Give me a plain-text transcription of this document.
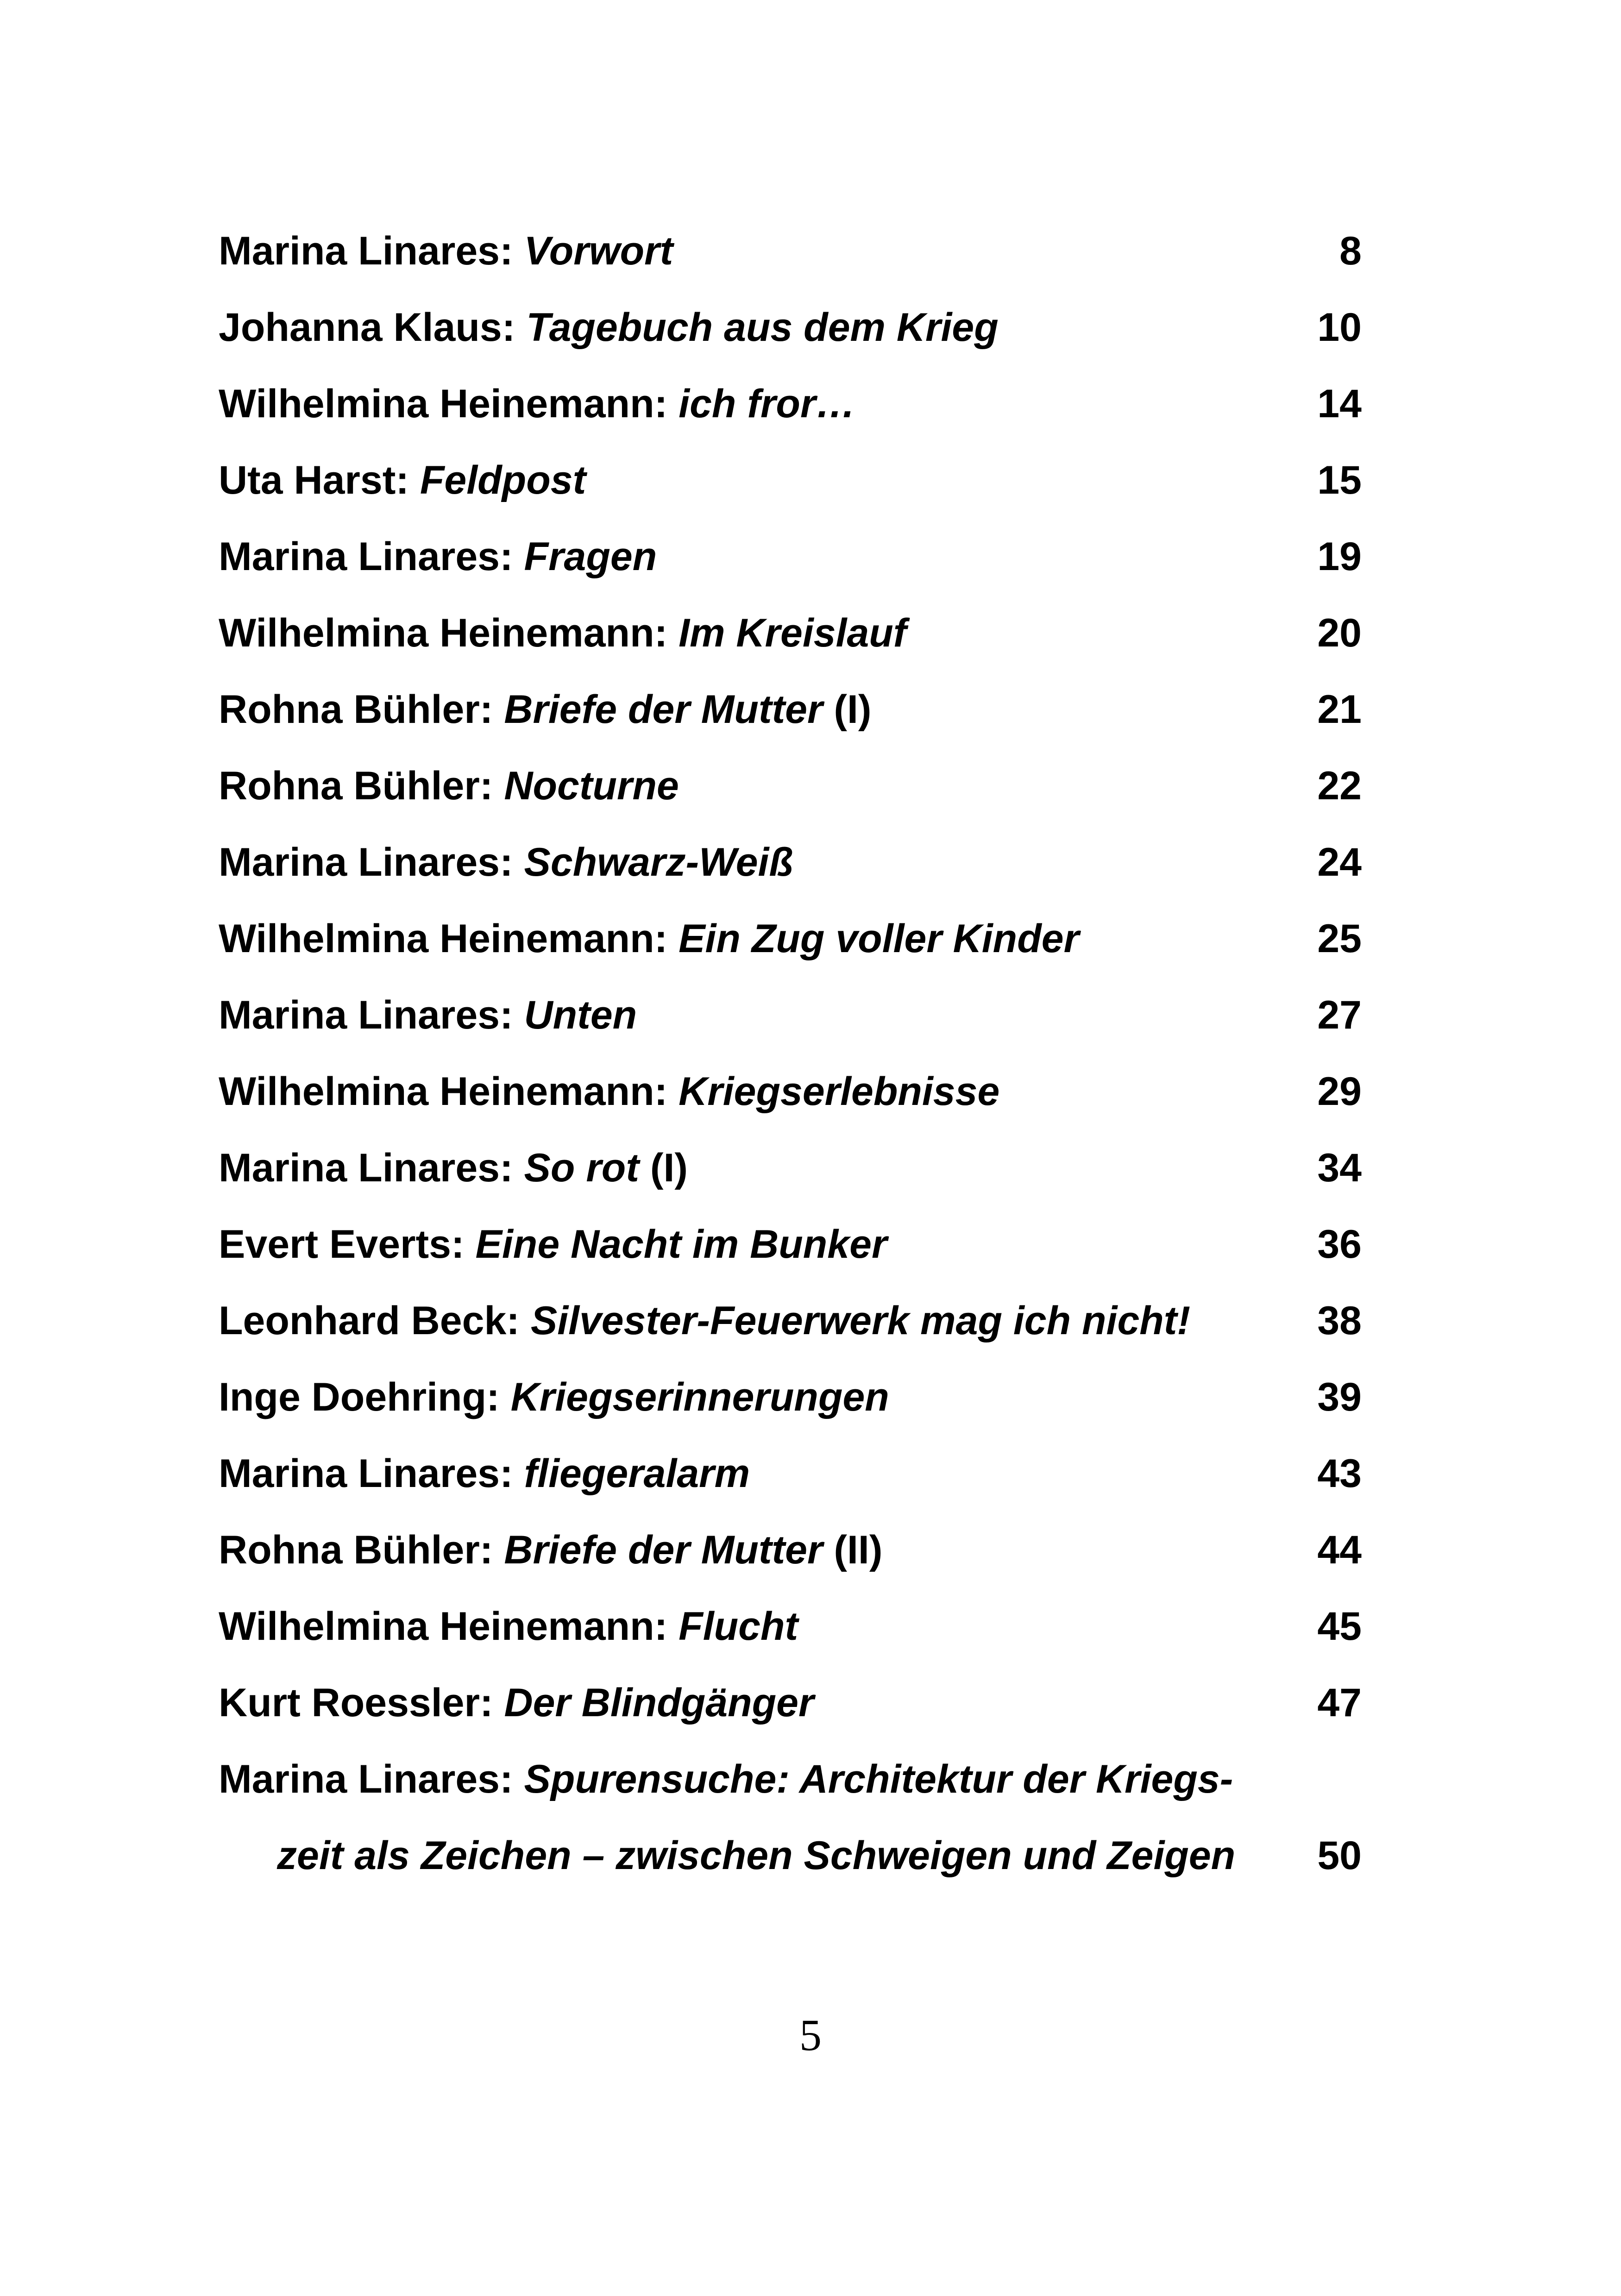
Marina Linares: Vorwort	8
Johanna Klaus: Tagebuch aus dem Krieg	10
Wilhelmina Heinemann: ich fror…	14
Uta Harst: Feldpost	15
Marina Linares: Fragen	19
Wilhelmina Heinemann: Im Kreislauf	20
Rohna Bühler: Briefe der Mutter (I)	21
Rohna Bühler: Nocturne	22
Marina Linares: Schwarz-Weiß	24
Wilhelmina Heinemann: Ein Zug voller Kinder	25
Marina Linares: Unten	27
Wilhelmina Heinemann: Kriegserlebnisse	29
Marina Linares: So rot (I)	34
Evert Everts: Eine Nacht im Bunker	36
Leonhard Beck: Silvester-Feuerwerk mag ich nicht!	38
Inge Doehring: Kriegserinnerungen	39
Marina Linares: fliegeralarm	43
Rohna Bühler: Briefe der Mutter (II)	44
Wilhelmina Heinemann: Flucht	45
Kurt Roessler: Der Blindgänger	47
Marina Linares: Spurensuche: Architektur der Kriegs-
zeit als Zeichen – zwischen Schweigen und Zeigen 50
5
